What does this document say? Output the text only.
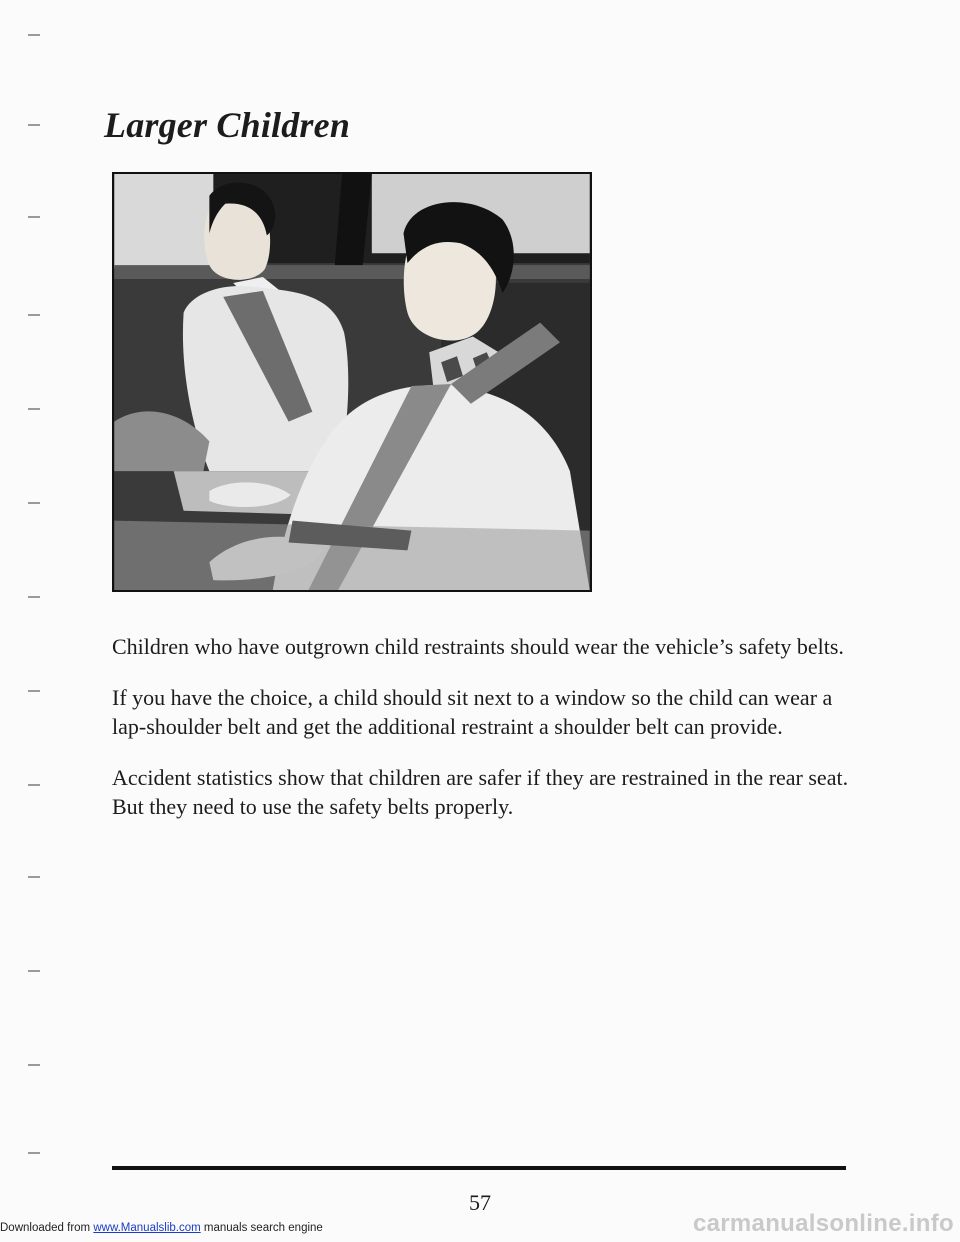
Larger Children

Children who have outgrown child restraints should wear the vehicle’s safety belts.

If you have the choice, a child should sit next to a window so the child can wear a lap-shoulder belt and get the additional restraint a shoulder belt can provide.

Accident statistics show that children are safer if they are restrained in the rear seat. But they need to use the safety belts properly.

57
Downloaded from www.Manualslib.com manuals search engine	carmanualsonline.info
